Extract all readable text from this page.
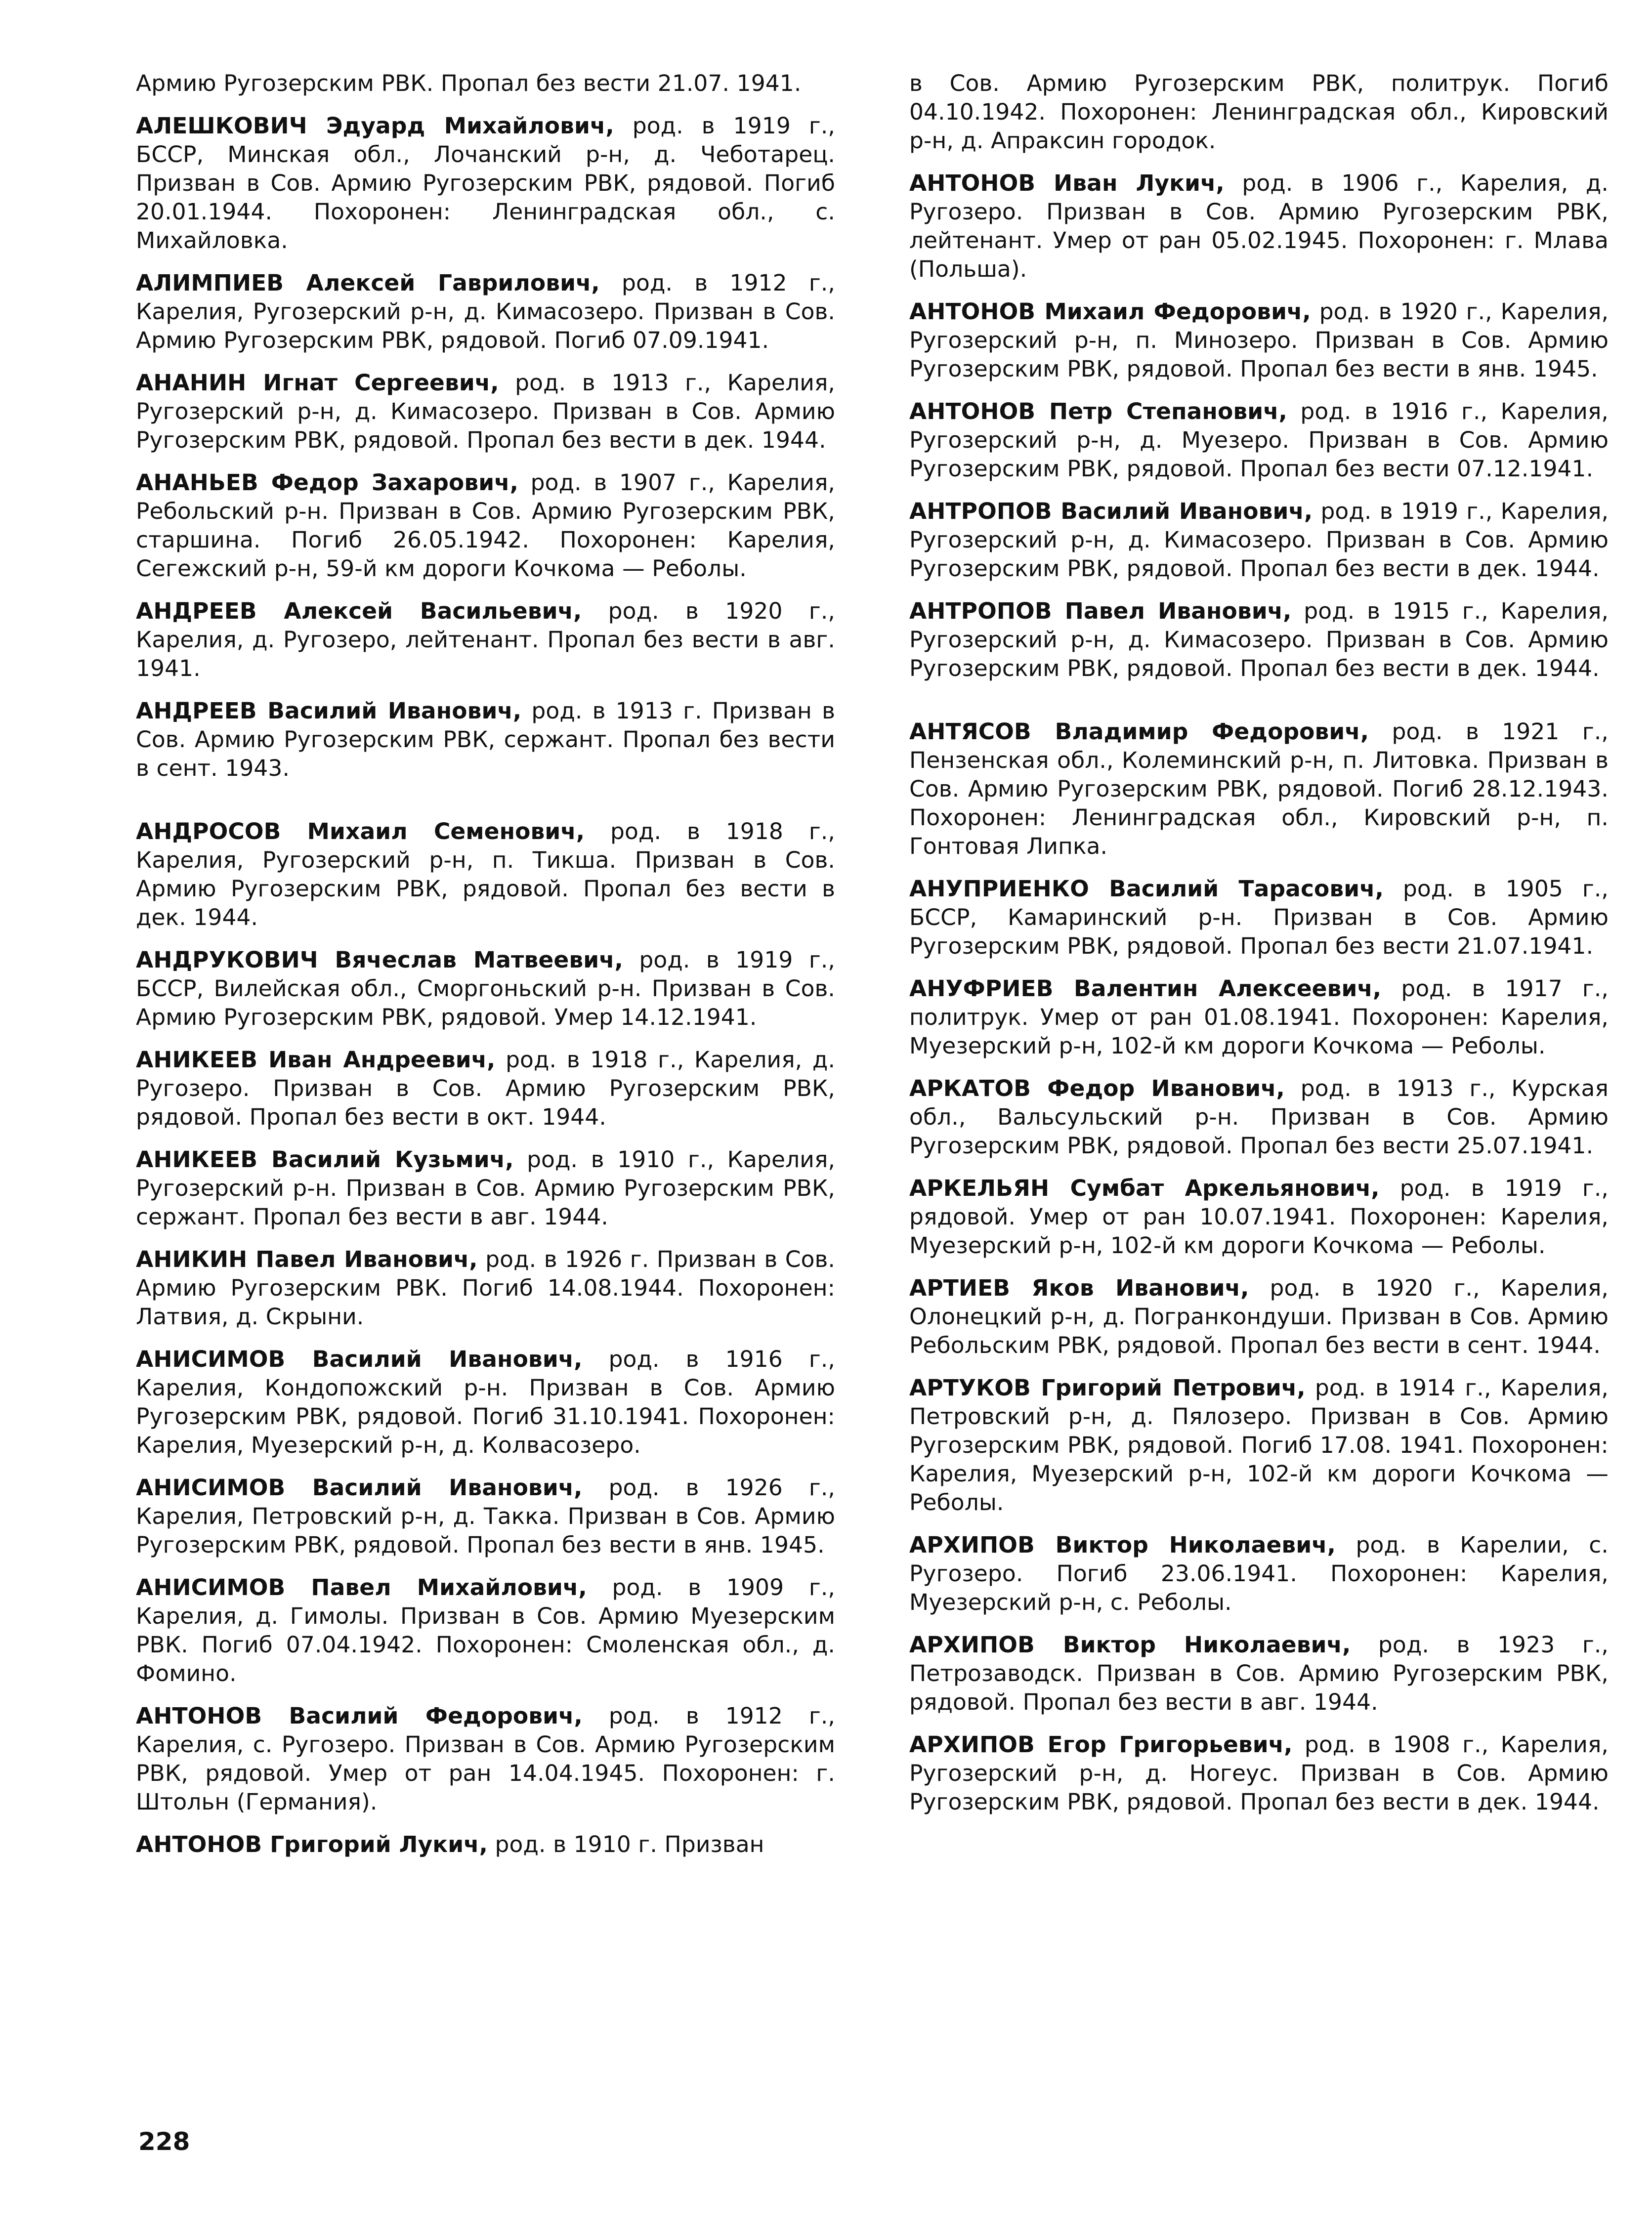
Армию Ругозерским РВК. Пропал без вести 21.07. 1941.

АЛЕШКОВИЧ Эдуард Михайлович, род. в 1919 г., БССР, Минская обл., Лочанский р-н, д. Чеботарец. Призван в Сов. Армию Ругозерским РВК, рядовой. Погиб 20.01.1944. Похоронен: Ленинградская обл., с. Михайловка.

АЛИМПИЕВ Алексей Гаврилович, род. в 1912 г., Карелия, Ругозерский р-н, д. Кимасозеро. Призван в Сов. Армию Ругозерским РВК, рядовой. Погиб 07.09.1941.

АНАНИН Игнат Сергеевич, род. в 1913 г., Карелия, Ругозерский р-н, д. Кимасозеро. Призван в Сов. Армию Ругозерским РВК, рядовой. Пропал без вести в дек. 1944.

АНАНЬЕВ Федор Захарович, род. в 1907 г., Карелия, Ребольский р-н. Призван в Сов. Армию Ругозерским РВК, старшина. Погиб 26.05.1942. Похоронен: Карелия, Сегежский р-н, 59-й км дороги Кочкома — Реболы.

АНДРЕЕВ Алексей Васильевич, род. в 1920 г., Карелия, д. Ругозеро, лейтенант. Пропал без вести в авг. 1941.

АНДРЕЕВ Василий Иванович, род. в 1913 г. Призван в Сов. Армию Ругозерским РВК, сержант. Пропал без вести в сент. 1943.

АНДРОСОВ Михаил Семенович, род. в 1918 г., Карелия, Ругозерский р-н, п. Тикша. Призван в Сов. Армию Ругозерским РВК, рядовой. Пропал без вести в дек. 1944.

АНДРУКОВИЧ Вячеслав Матвеевич, род. в 1919 г., БССР, Вилейская обл., Сморгоньский р-н. Призван в Сов. Армию Ругозерским РВК, рядовой. Умер 14.12.1941.

АНИКЕЕВ Иван Андреевич, род. в 1918 г., Карелия, д. Ругозеро. Призван в Сов. Армию Ругозерским РВК, рядовой. Пропал без вести в окт. 1944.

АНИКЕЕВ Василий Кузьмич, род. в 1910 г., Карелия, Ругозерский р-н. Призван в Сов. Армию Ругозерским РВК, сержант. Пропал без вести в авг. 1944.

АНИКИН Павел Иванович, род. в 1926 г. Призван в Сов. Армию Ругозерским РВК. Погиб 14.08.1944. Похоронен: Латвия, д. Скрыни.

АНИСИМОВ Василий Иванович, род. в 1916 г., Карелия, Кондопожский р-н. Призван в Сов. Армию Ругозерским РВК, рядовой. Погиб 31.10.1941. Похоронен: Карелия, Муезерский р-н, д. Колвасозеро.

АНИСИМОВ Василий Иванович, род. в 1926 г., Карелия, Петровский р-н, д. Такка. Призван в Сов. Армию Ругозерским РВК, рядовой. Пропал без вести в янв. 1945.

АНИСИМОВ Павел Михайлович, род. в 1909 г., Карелия, д. Гимолы. Призван в Сов. Армию Муезерским РВК. Погиб 07.04.1942. Похоронен: Смоленская обл., д. Фомино.

АНТОНОВ Василий Федорович, род. в 1912 г., Карелия, с. Ругозеро. Призван в Сов. Армию Ругозерским РВК, рядовой. Умер от ран 14.04.1945. Похоронен: г. Штольн (Германия).

АНТОНОВ Григорий Лукич, род. в 1910 г. Призван

в Сов. Армию Ругозерским РВК, политрук. Погиб 04.10.1942. Похоронен: Ленинградская обл., Кировский р-н, д. Апраксин городок.

АНТОНОВ Иван Лукич, род. в 1906 г., Карелия, д. Ругозеро. Призван в Сов. Армию Ругозерским РВК, лейтенант. Умер от ран 05.02.1945. Похоронен: г. Млава (Польша).

АНТОНОВ Михаил Федорович, род. в 1920 г., Карелия, Ругозерский р-н, п. Минозеро. Призван в Сов. Армию Ругозерским РВК, рядовой. Пропал без вести в янв. 1945.

АНТОНОВ Петр Степанович, род. в 1916 г., Карелия, Ругозерский р-н, д. Муезеро. Призван в Сов. Армию Ругозерским РВК, рядовой. Пропал без вести 07.12.1941.

АНТРОПОВ Василий Иванович, род. в 1919 г., Карелия, Ругозерский р-н, д. Кимасозеро. Призван в Сов. Армию Ругозерским РВК, рядовой. Пропал без вести в дек. 1944.

АНТРОПОВ Павел Иванович, род. в 1915 г., Карелия, Ругозерский р-н, д. Кимасозеро. Призван в Сов. Армию Ругозерским РВК, рядовой. Пропал без вести в дек. 1944.

АНТЯСОВ Владимир Федорович, род. в 1921 г., Пензенская обл., Колеминский р-н, п. Литовка. Призван в Сов. Армию Ругозерским РВК, рядовой. Погиб 28.12.1943. Похоронен: Ленинградская обл., Кировский р-н, п. Гонтовая Липка.

АНУПРИЕНКО Василий Тарасович, род. в 1905 г., БССР, Камаринский р-н. Призван в Сов. Армию Ругозерским РВК, рядовой. Пропал без вести 21.07.1941.

АНУФРИЕВ Валентин Алексеевич, род. в 1917 г., политрук. Умер от ран 01.08.1941. Похоронен: Карелия, Муезерский р-н, 102-й км дороги Кочкома — Реболы.

АРКАТОВ Федор Иванович, род. в 1913 г., Курская обл., Вальсульский р-н. Призван в Сов. Армию Ругозерским РВК, рядовой. Пропал без вести 25.07.1941.

АРКЕЛЬЯН Сумбат Аркельянович, род. в 1919 г., рядовой. Умер от ран 10.07.1941. Похоронен: Карелия, Муезерский р-н, 102-й км дороги Кочкома — Реболы.

АРТИЕВ Яков Иванович, род. в 1920 г., Карелия, Олонецкий р-н, д. Погранкондуши. Призван в Сов. Армию Ребольским РВК, рядовой. Пропал без вести в сент. 1944.

АРТУКОВ Григорий Петрович, род. в 1914 г., Карелия, Петровский р-н, д. Пялозеро. Призван в Сов. Армию Ругозерским РВК, рядовой. Погиб 17.08. 1941. Похоронен: Карелия, Муезерский р-н, 102-й км дороги Кочкома — Реболы.

АРХИПОВ Виктор Николаевич, род. в Карелии, с. Ругозеро. Погиб 23.06.1941. Похоронен: Карелия, Муезерский р-н, с. Реболы.

АРХИПОВ Виктор Николаевич, род. в 1923 г., Петрозаводск. Призван в Сов. Армию Ругозерским РВК, рядовой. Пропал без вести в авг. 1944.

АРХИПОВ Егор Григорьевич, род. в 1908 г., Карелия, Ругозерский р-н, д. Ногеус. Призван в Сов. Армию Ругозерским РВК, рядовой. Пропал без вести в дек. 1944.

228
